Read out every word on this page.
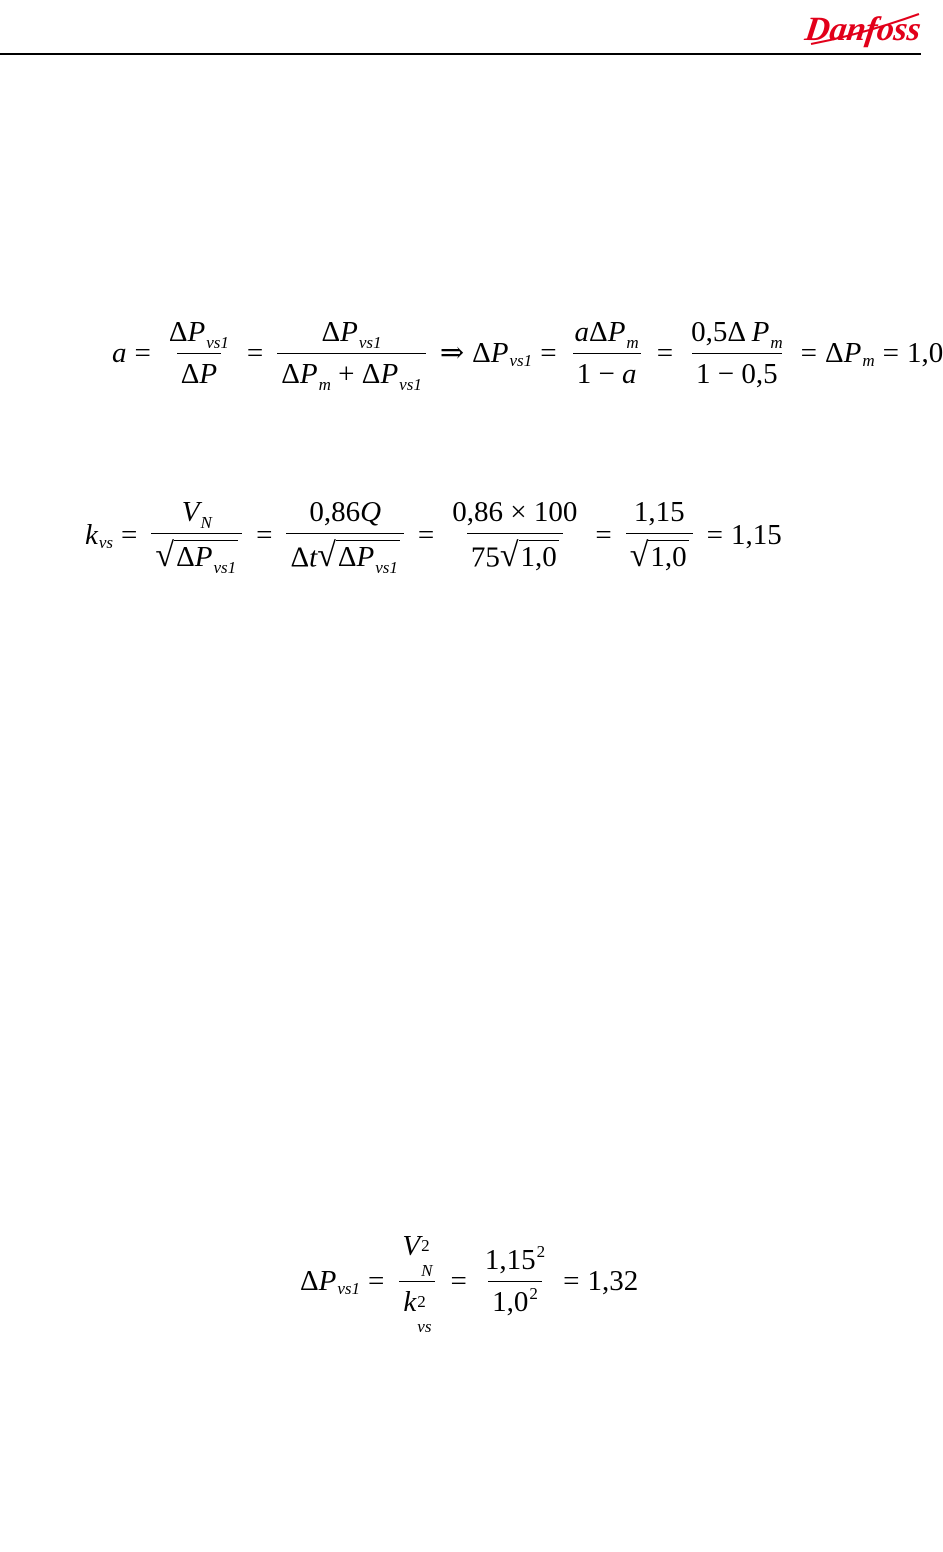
Danfoss
$a = \frac{\Delta P_{vs1}}{\Delta P} = \frac{\Delta P_{vs1}}{\Delta P_m + \Delta P_{vs1}}$ ⇒ Δ P $vs1 = \frac{a\Delta P_m}{1 - a} = \frac{0,5\Delta P_m}{1 - 0,5} = \Delta$ P m = 1,0
k vs = $\frac{V_N}{√ \Delta P_{vs1}} = \frac{0,86Q}{\Delta t √ \Delta P_{vs1}} = \frac{0,86 \times 100}{75 √ 1,0} = \frac{1,15}{√ 1,0} = 1,15$
Δ P vs1 = V 2
N
k 2
vs = $\frac{1,15^2}{1,0^2} = 1,32$
